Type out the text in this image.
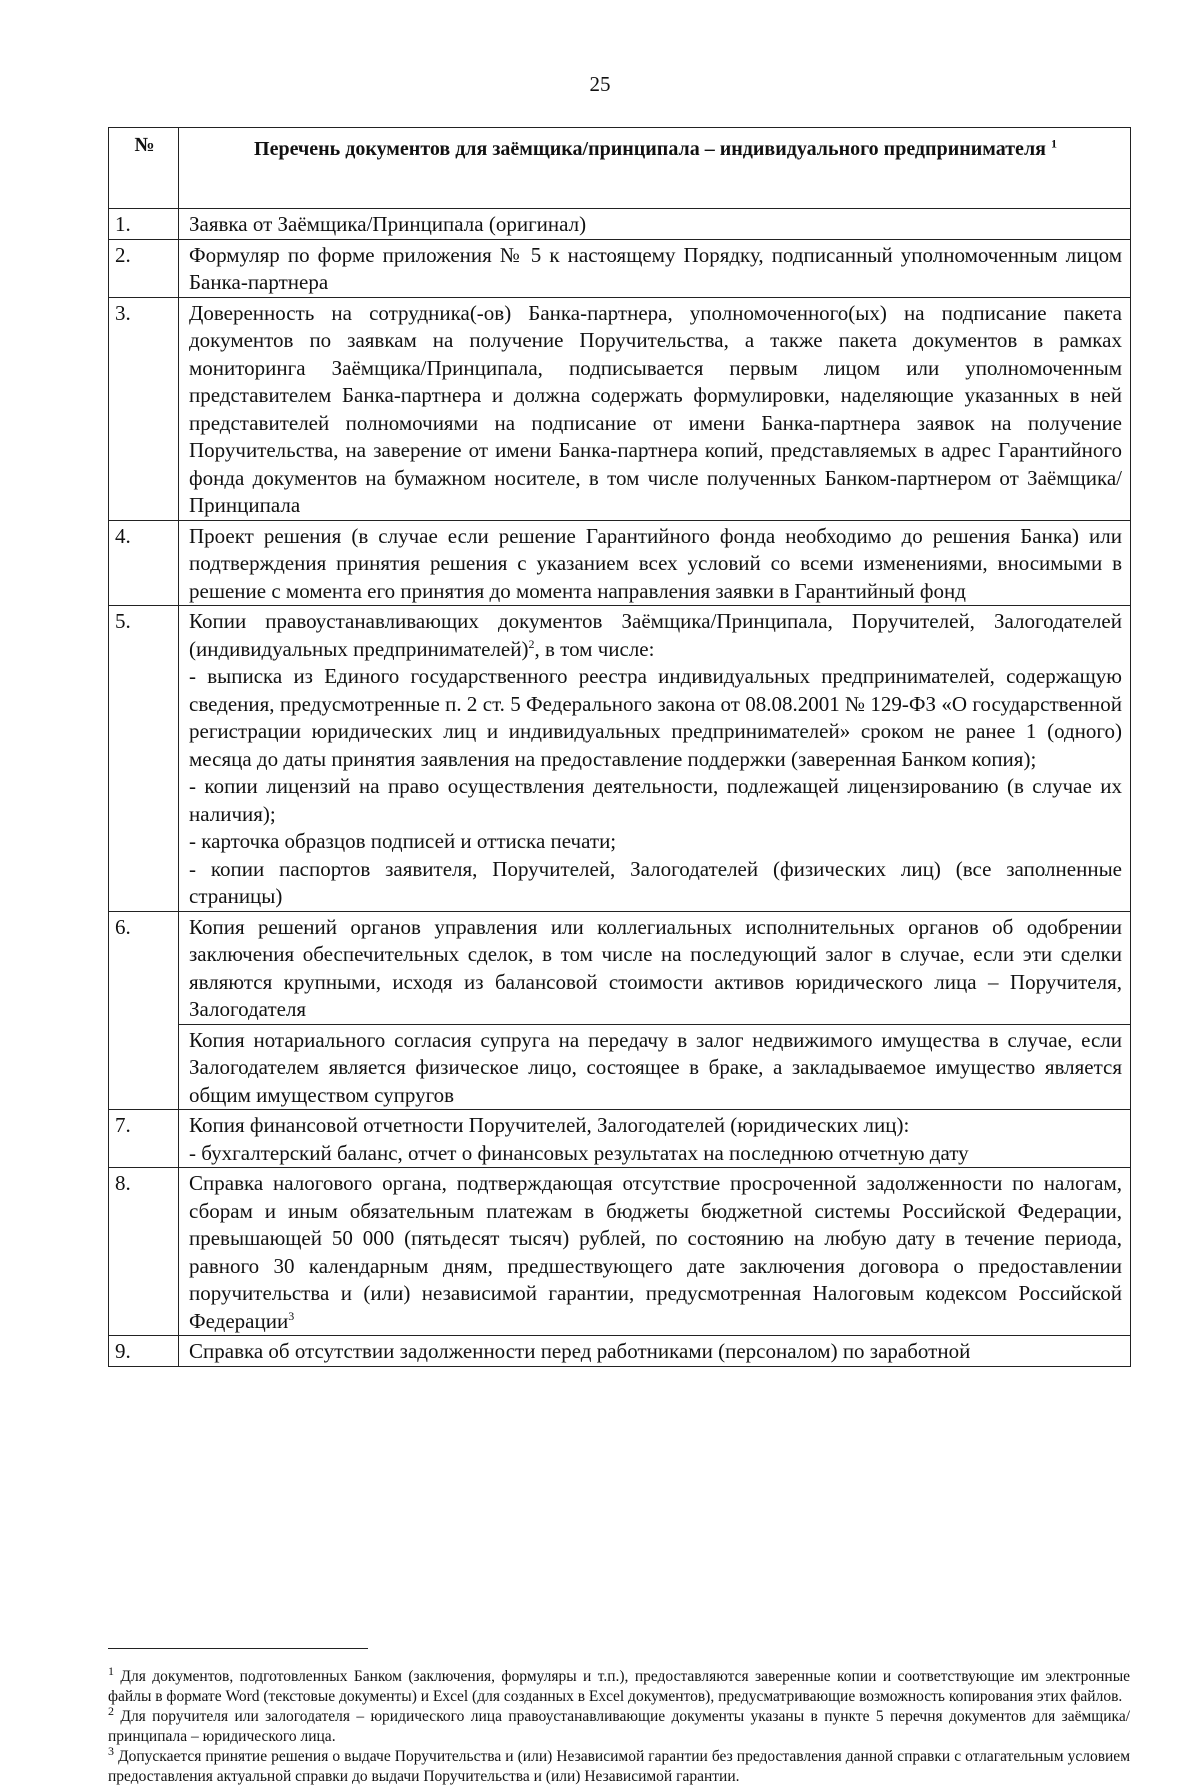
25
№	Перечень документов для заёмщика/принципала – индивидуального предпринимателя $^1$
1.	Заявка от Заёмщика/Принципала (оригинал)
2.	Формуляр по форме приложения № 5 к настоящему Порядку, подписанный уполномоченным лицом Банка-партнера
3.	Доверенность на сотрудника(-ов) Банка-партнера, уполномоченного(ых) на подписание пакета документов по заявкам на получение Поручительства, а также пакета документов в рамках мониторинга Заёмщика/Принципала, подписывается первым лицом или уполномоченным представителем Банка-партнера и должна содержать формулировки, наделяющие указанных в ней представителей полномочиями на подписание от имени Банка-партнера заявок на получение Поручительства, на заверение от имени Банка-партнера копий, представляемых в адрес Гарантийного фонда документов на бумажном носителе, в том числе полученных Банком-партнером от Заёмщика/Принципала
4.	Проект решения (в случае если решение Гарантийного фонда необходимо до решения Банка) или подтверждения принятия решения с указанием всех условий со всеми изменениями, вносимыми в решение с момента его принятия до момента направления заявки в Гарантийный фонд
5.	Копии правоустанавливающих документов Заёмщика/Принципала, Поручителей, Залогодателей (индивидуальных предпринимателей)$^2$, в том числе:
- выписка из Единого государственного реестра индивидуальных предпринимателей, содержащую сведения, предусмотренные п. 2 ст. 5 Федерального закона от 08.08.2001 № 129-ФЗ «О государственной регистрации юридических лиц и индивидуальных предпринимателей» сроком не ранее 1 (одного) месяца до даты принятия заявления на предоставление поддержки (заверенная Банком копия);
- копии лицензий на право осуществления деятельности, подлежащей лицензированию (в случае их наличия);
- карточка образцов подписей и оттиска печати;
- копии паспортов заявителя, Поручителей, Залогодателей (физических лиц) (все заполненные страницы)

6.	Копия решений органов управления или коллегиальных исполнительных органов об одобрении заключения обеспечительных сделок, в том числе на последующий залог в случае, если эти сделки являются крупными, исходя из балансовой стоимости активов юридического лица – Поручителя, Залогодателя
	Копия нотариального согласия супруга на передачу в залог недвижимого имущества в случае, если Залогодателем является физическое лицо, состоящее в браке, а закладываемое имущество является общим имуществом супругов
7.	Копия финансовой отчетности Поручителей, Залогодателей (юридических лиц):
- бухгалтерский баланс, отчет о финансовых результатах на последнюю отчетную дату

8.	Справка налогового органа, подтверждающая отсутствие просроченной задолженности по налогам, сборам и иным обязательным платежам в бюджеты бюджетной системы Российской Федерации, превышающей 50 000 (пятьдесят тысяч) рублей, по состоянию на любую дату в течение периода, равного 30 календарным дням, предшествующего дате заключения договора о предоставлении поручительства и (или) независимой гарантии, предусмотренная Налоговым кодексом Российской Федерации$^3$
9.	Справка об отсутствии задолженности перед работниками (персоналом) по заработной

$^1$ Для документов, подготовленных Банком (заключения, формуляры и т.п.), предоставляются заверенные копии и соответствующие им электронные файлы в формате Word (текстовые документы) и Excel (для созданных в Excel документов), предусматривающие возможность копирования этих файлов.

$^2$ Для поручителя или залогодателя – юридического лица правоустанавливающие документы указаны в пункте 5 перечня документов для заёмщика/принципала – юридического лица.

$^3$ Допускается принятие решения о выдаче Поручительства и (или) Независимой гарантии без предоставления данной справки с отлагательным условием предоставления актуальной справки до выдачи Поручительства и (или) Независимой гарантии.
